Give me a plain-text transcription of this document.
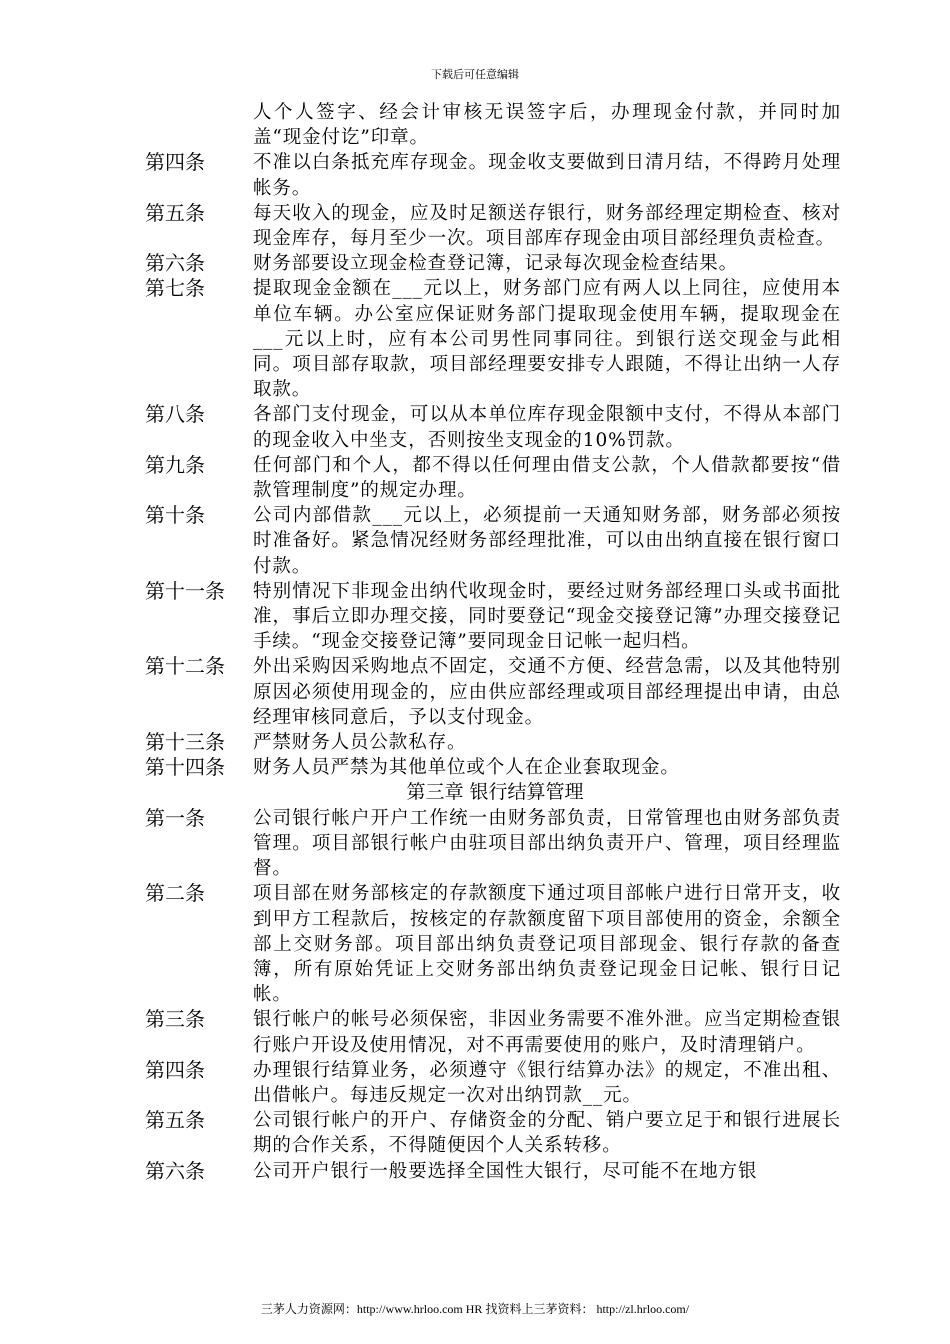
下载后可任意编辑
人个人签字、经会计审核无误签字后，办理现金付款，并同时加盖“现金付讫”印章。
第四条	不准以白条抵充库存现金。现金收支要做到日清月结，不得跨月处理帐务。
第五条	每天收入的现金，应及时足额送存银行，财务部经理定期检查、核对现金库存，每月至少一次。项目部库存现金由项目部经理负责检查。
第六条	财务部要设立现金检查登记簿，记录每次现金检查结果。
第七条	提取现金金额在___元以上，财务部门应有两人以上同往，应使用本单位车辆。办公室应保证财务部门提取现金使用车辆，提取现金在___元以上时，应有本公司男性同事同往。到银行送交现金与此相同。项目部存取款，项目部经理要安排专人跟随，不得让出纳一人存取款。
第八条	各部门支付现金，可以从本单位库存现金限额中支付，不得从本部门的现金收入中坐支，否则按坐支现金的10%罚款。
第九条	任何部门和个人，都不得以任何理由借支公款，个人借款都要按“借款管理制度”的规定办理。
第十条	公司内部借款___元以上，必须提前一天通知财务部，财务部必须按时准备好。紧急情况经财务部经理批准，可以由出纳直接在银行窗口付款。
第十一条	特别情况下非现金出纳代收现金时，要经过财务部经理口头或书面批准，事后立即办理交接，同时要登记“现金交接登记簿”办理交接登记手续。“现金交接登记簿”要同现金日记帐一起归档。
第十二条	外出采购因采购地点不固定，交通不方便、经营急需，以及其他特别原因必须使用现金的，应由供应部经理或项目部经理提出申请，由总经理审核同意后，予以支付现金。
第十三条	严禁财务人员公款私存。
第十四条	财务人员严禁为其他单位或个人在企业套取现金。
第三章 银行结算管理
第一条	公司银行帐户开户工作统一由财务部负责，日常管理也由财务部负责管理。项目部银行帐户由驻项目部出纳负责开户、管理，项目经理监督。
第二条	项目部在财务部核定的存款额度下通过项目部帐户进行日常开支，收到甲方工程款后，按核定的存款额度留下项目部使用的资金，余额全部上交财务部。项目部出纳负责登记项目部现金、银行存款的备查簿，所有原始凭证上交财务部出纳负责登记现金日记帐、银行日记帐。
第三条	银行帐户的帐号必须保密，非因业务需要不准外泄。应当定期检查银行账户开设及使用情况，对不再需要使用的账户，及时清理销户。
第四条	办理银行结算业务，必须遵守《银行结算办法》的规定，不准出租、出借帐户。每违反规定一次对出纳罚款__元。
第五条	公司银行帐户的开户、存储资金的分配、销户要立足于和银行进展长期的合作关系，不得随便因个人关系转移。
第六条	公司开户银行一般要选择全国性大银行，尽可能不在地方银
三茅人力资源网：http://www.hrloo.com HR 找资料上三茅资料： http://zl.hrloo.com/
